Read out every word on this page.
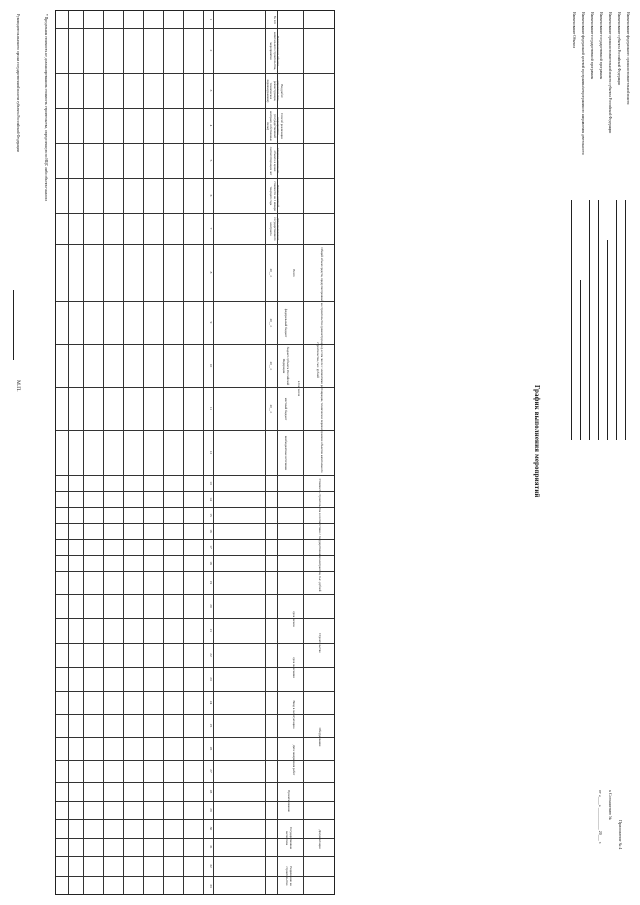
Приложение № 4
к Соглашению №
от «____» ___________ 20___ г.
Наименование федерального органа исполнительной власти
Наименование субъекта Российской Федерации
Наименование органа исполнительной власти субъекта Российской Федерации
Наименование государственной программы
Наименование государственной программы
Наименование федеральной целевой программы/непрограммного направления деятельности
Наименование Объекта
График выполнения мероприятий
№ п/п
Наименование объекта капитального строительства, мероприятия
Вид работ (строительство, реконструкция, техническое перевооружение)
Способ реализации мероприятия (государственный контракт, собственные силы)
Сметная стоимость объекта в ценах соответствующих лет
Остаток сметной стоимости на 1 января текущего года
Дата заключения государственного контракта
Общий объем средств, предусмотренный на строительство (реконструкцию), в том числе с элементами реставрации, техническое перевооружение объектов капитального строительства, тыс. рублей
Всего
в том числе
федеральный бюджет
бюджет субъекта Российской Федерации
местный бюджет
внебюджетные источники
Стоимость строительства в соответствии с государственным контрактом, тыс. рублей
Строительство
Оборудование
Документация
Проектирование
Государственная экспертиза
Разрешение на строительство
срок начала
срок окончания
Ввод в эксплуатацию
Дата завершения работ
20__ г.
20__ г.
20__ г.
20__ г.
1
2
3
4
5
6
7
8
9
10
11
12
13
14
15
16
17
18
19
20
21
22
23
24
25
26
27
28
29
30
31
32
33
* Предельная стоимость не должна превышать стоимость строительства, определенную по НЦС либо объекта-аналога
Руководитель высшего органа государственной власти субъекта Российской Федерации
М.П.
